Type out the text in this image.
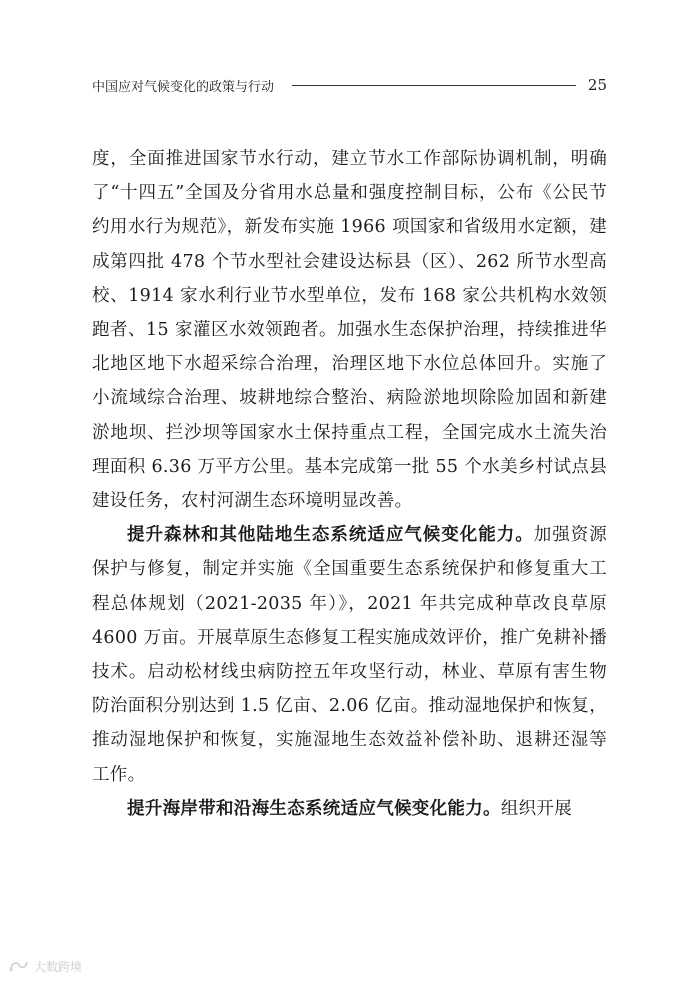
中国应对气候变化的政策与行动	25

度，全面推进国家节水行动，建立节水工作部际协调机制，明确了“十四五”全国及分省用水总量和强度控制目标，公布《公民节约用水行为规范》，新发布实施 1966 项国家和省级用水定额，建成第四批 478 个节水型社会建设达标县（区）、262 所节水型高校、1914 家水利行业节水型单位，发布 168 家公共机构水效领跑者、15 家灌区水效领跑者。加强水生态保护治理，持续推进华北地区地下水超采综合治理，治理区地下水位总体回升。实施了小流域综合治理、坡耕地综合整治、病险淤地坝除险加固和新建淤地坝、拦沙坝等国家水土保持重点工程，全国完成水土流失治理面积 6.36 万平方公里。基本完成第一批 55 个水美乡村试点县建设任务，农村河湖生态环境明显改善。

提升森林和其他陆地生态系统适应气候变化能力。加强资源保护与修复，制定并实施《全国重要生态系统保护和修复重大工程总体规划（2021-2035 年）》，2021 年共完成种草改良草原 4600 万亩。开展草原生态修复工程实施成效评价，推广免耕补播技术。启动松材线虫病防控五年攻坚行动，林业、草原有害生物防治面积分别达到 1.5 亿亩、2.06 亿亩。推动湿地保护和恢复，推动湿地保护和恢复，实施湿地生态效益补偿补助、退耕还湿等工作。

提升海岸带和沿海生态系统适应气候变化能力。组织开展

大数跨境
